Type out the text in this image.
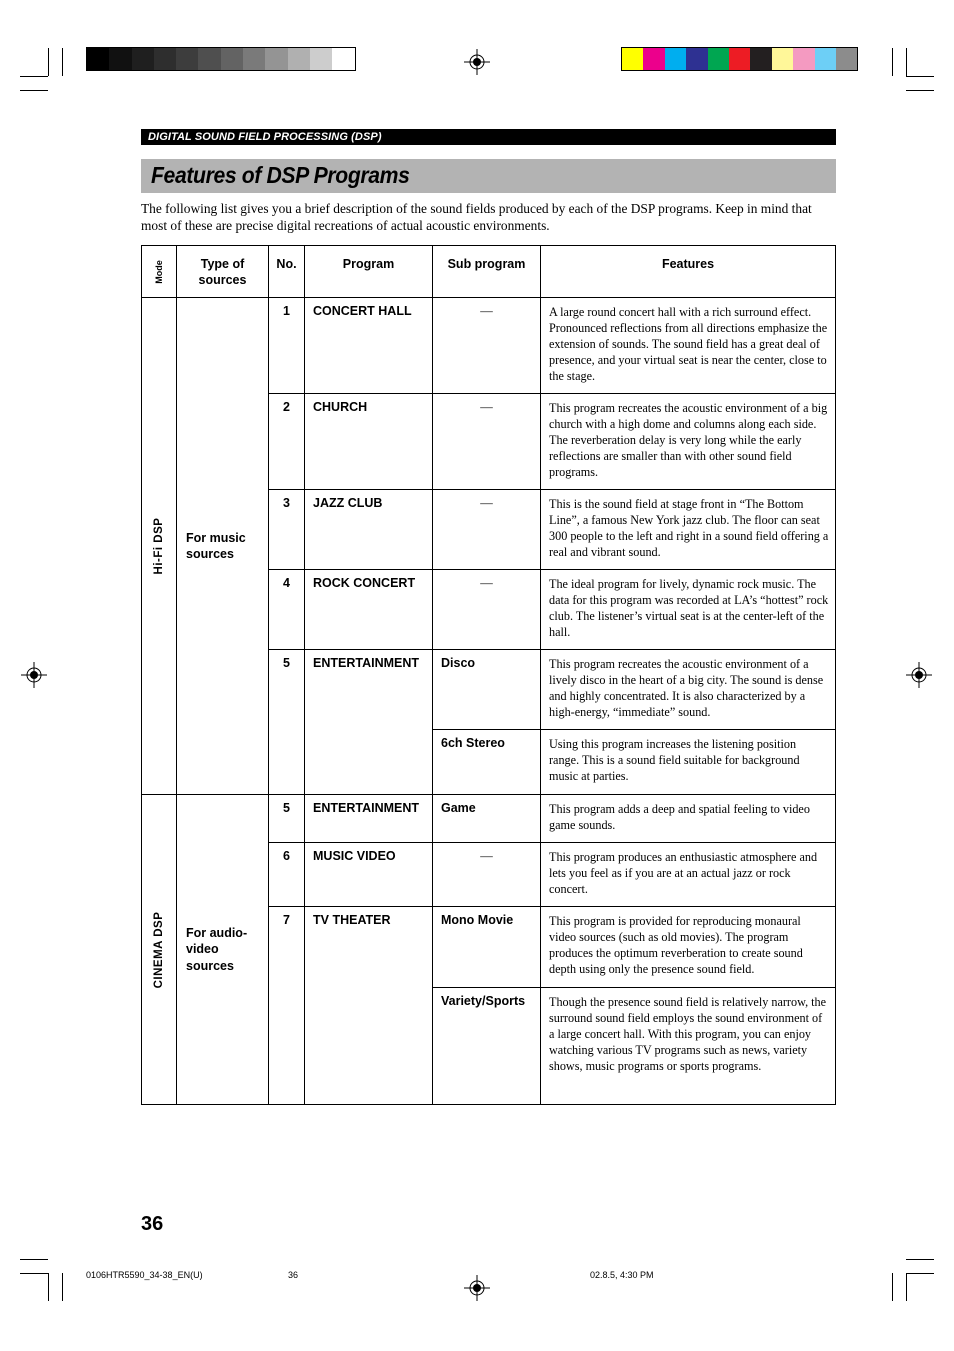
DIGITAL SOUND FIELD PROCESSING (DSP)
Features of DSP Programs
The following list gives you a brief description of the sound fields produced by each of the DSP programs. Keep in mind that most of these are precise digital recreations of actual acoustic environments.
Mode	Type of sources	No.	Program	Sub program	Features

Hi-Fi DSP	For music sources	1	CONCERT HALL	—	A large round concert hall with a rich surround effect. Pronounced reflections from all directions emphasize the extension of sounds. The sound field has a great deal of presence, and your virtual seat is near the center, close to the stage.
		2	CHURCH	—	This program recreates the acoustic environment of a big church with a high dome and columns along each side. The reverberation delay is very long while the early reflections are smaller than with other sound field programs.
		3	JAZZ CLUB	—	This is the sound field at stage front in “The Bottom Line”, a famous New York jazz club. The floor can seat 300 people to the left and right in a sound field offering a real and vibrant sound.
		4	ROCK CONCERT	—	The ideal program for lively, dynamic rock music. The data for this program was recorded at LA’s “hottest” rock club. The listener’s virtual seat is at the center-left of the hall.
		5	ENTERTAINMENT	Disco	This program recreates the acoustic environment of a lively disco in the heart of a big city. The sound is dense and highly concentrated. It is also characterized by a high-energy, “immediate” sound.
				6ch Stereo	Using this program increases the listening position range. This is a sound field suitable for background music at parties.

CINEMA DSP	For audio-video sources	5	ENTERTAINMENT	Game	This program adds a deep and spatial feeling to video game sounds.
		6	MUSIC VIDEO	—	This program produces an enthusiastic atmosphere and lets you feel as if you are at an actual jazz or rock concert.
		7	TV THEATER	Mono Movie	This program is provided for reproducing monaural video sources (such as old movies). The program produces the optimum reverberation to create sound depth using only the presence sound field.
				Variety/Sports	Though the presence sound field is relatively narrow, the surround sound field employs the sound environment of a large concert hall. With this program, you can enjoy watching various TV programs such as news, variety shows, music programs or sports programs.
36
0106HTR5590_34-38_EN(U)	36	02.8.5, 4:30 PM
